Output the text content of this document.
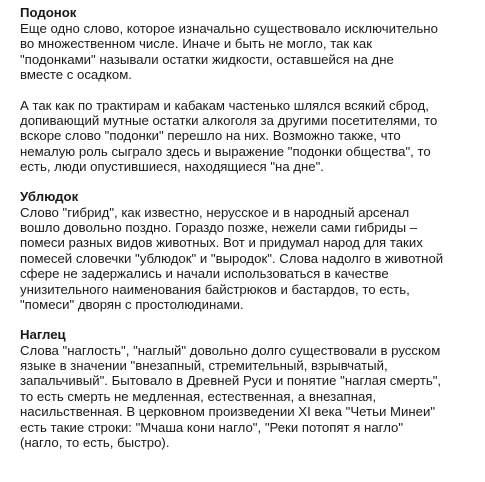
Подонок

Еще одно слово, которое изначально существовало исключительно
во множественном числе. Иначе и быть не могло, так как
"подонками" называли остатки жидкости, оставшейся на дне
вместе с осадком.

А так как по трактирам и кабакам частенько шлялся всякий сброд,
допивающий мутные остатки алкоголя за другими посетителями, то
вскоре слово "подонки" перешло на них. Возможно также, что
немалую роль сыграло здесь и выражение "подонки общества", то
есть, люди опустившиеся, находящиеся "на дне".

Ублюдок

Слово "гибрид", как известно, нерусское и в народный арсенал
вошло довольно поздно. Гораздо позже, нежели сами гибриды –
помеси разных видов животных. Вот и придумал народ для таких
помесей словечки "ублюдок" и "выродок". Слова надолго в животной
сфере не задержались и начали использоваться в качестве
унизительного наименования байстрюков и бастардов, то есть,
"помеси" дворян с простолюдинами.

Наглец

Слова "наглость", "наглый" довольно долго существовали в русском
языке в значении "внезапный, стремительный, взрывчатый,
запальчивый". Бытовало в Древней Руси и понятие "наглая смерть",
то есть смерть не медленная, естественная, а внезапная,
насильственная. В церковном произведении XI века "Четьи Минеи"
есть такие строки: "Мчаша кони нагло", "Реки потопят я нагло"
(нагло, то есть, быстро).
